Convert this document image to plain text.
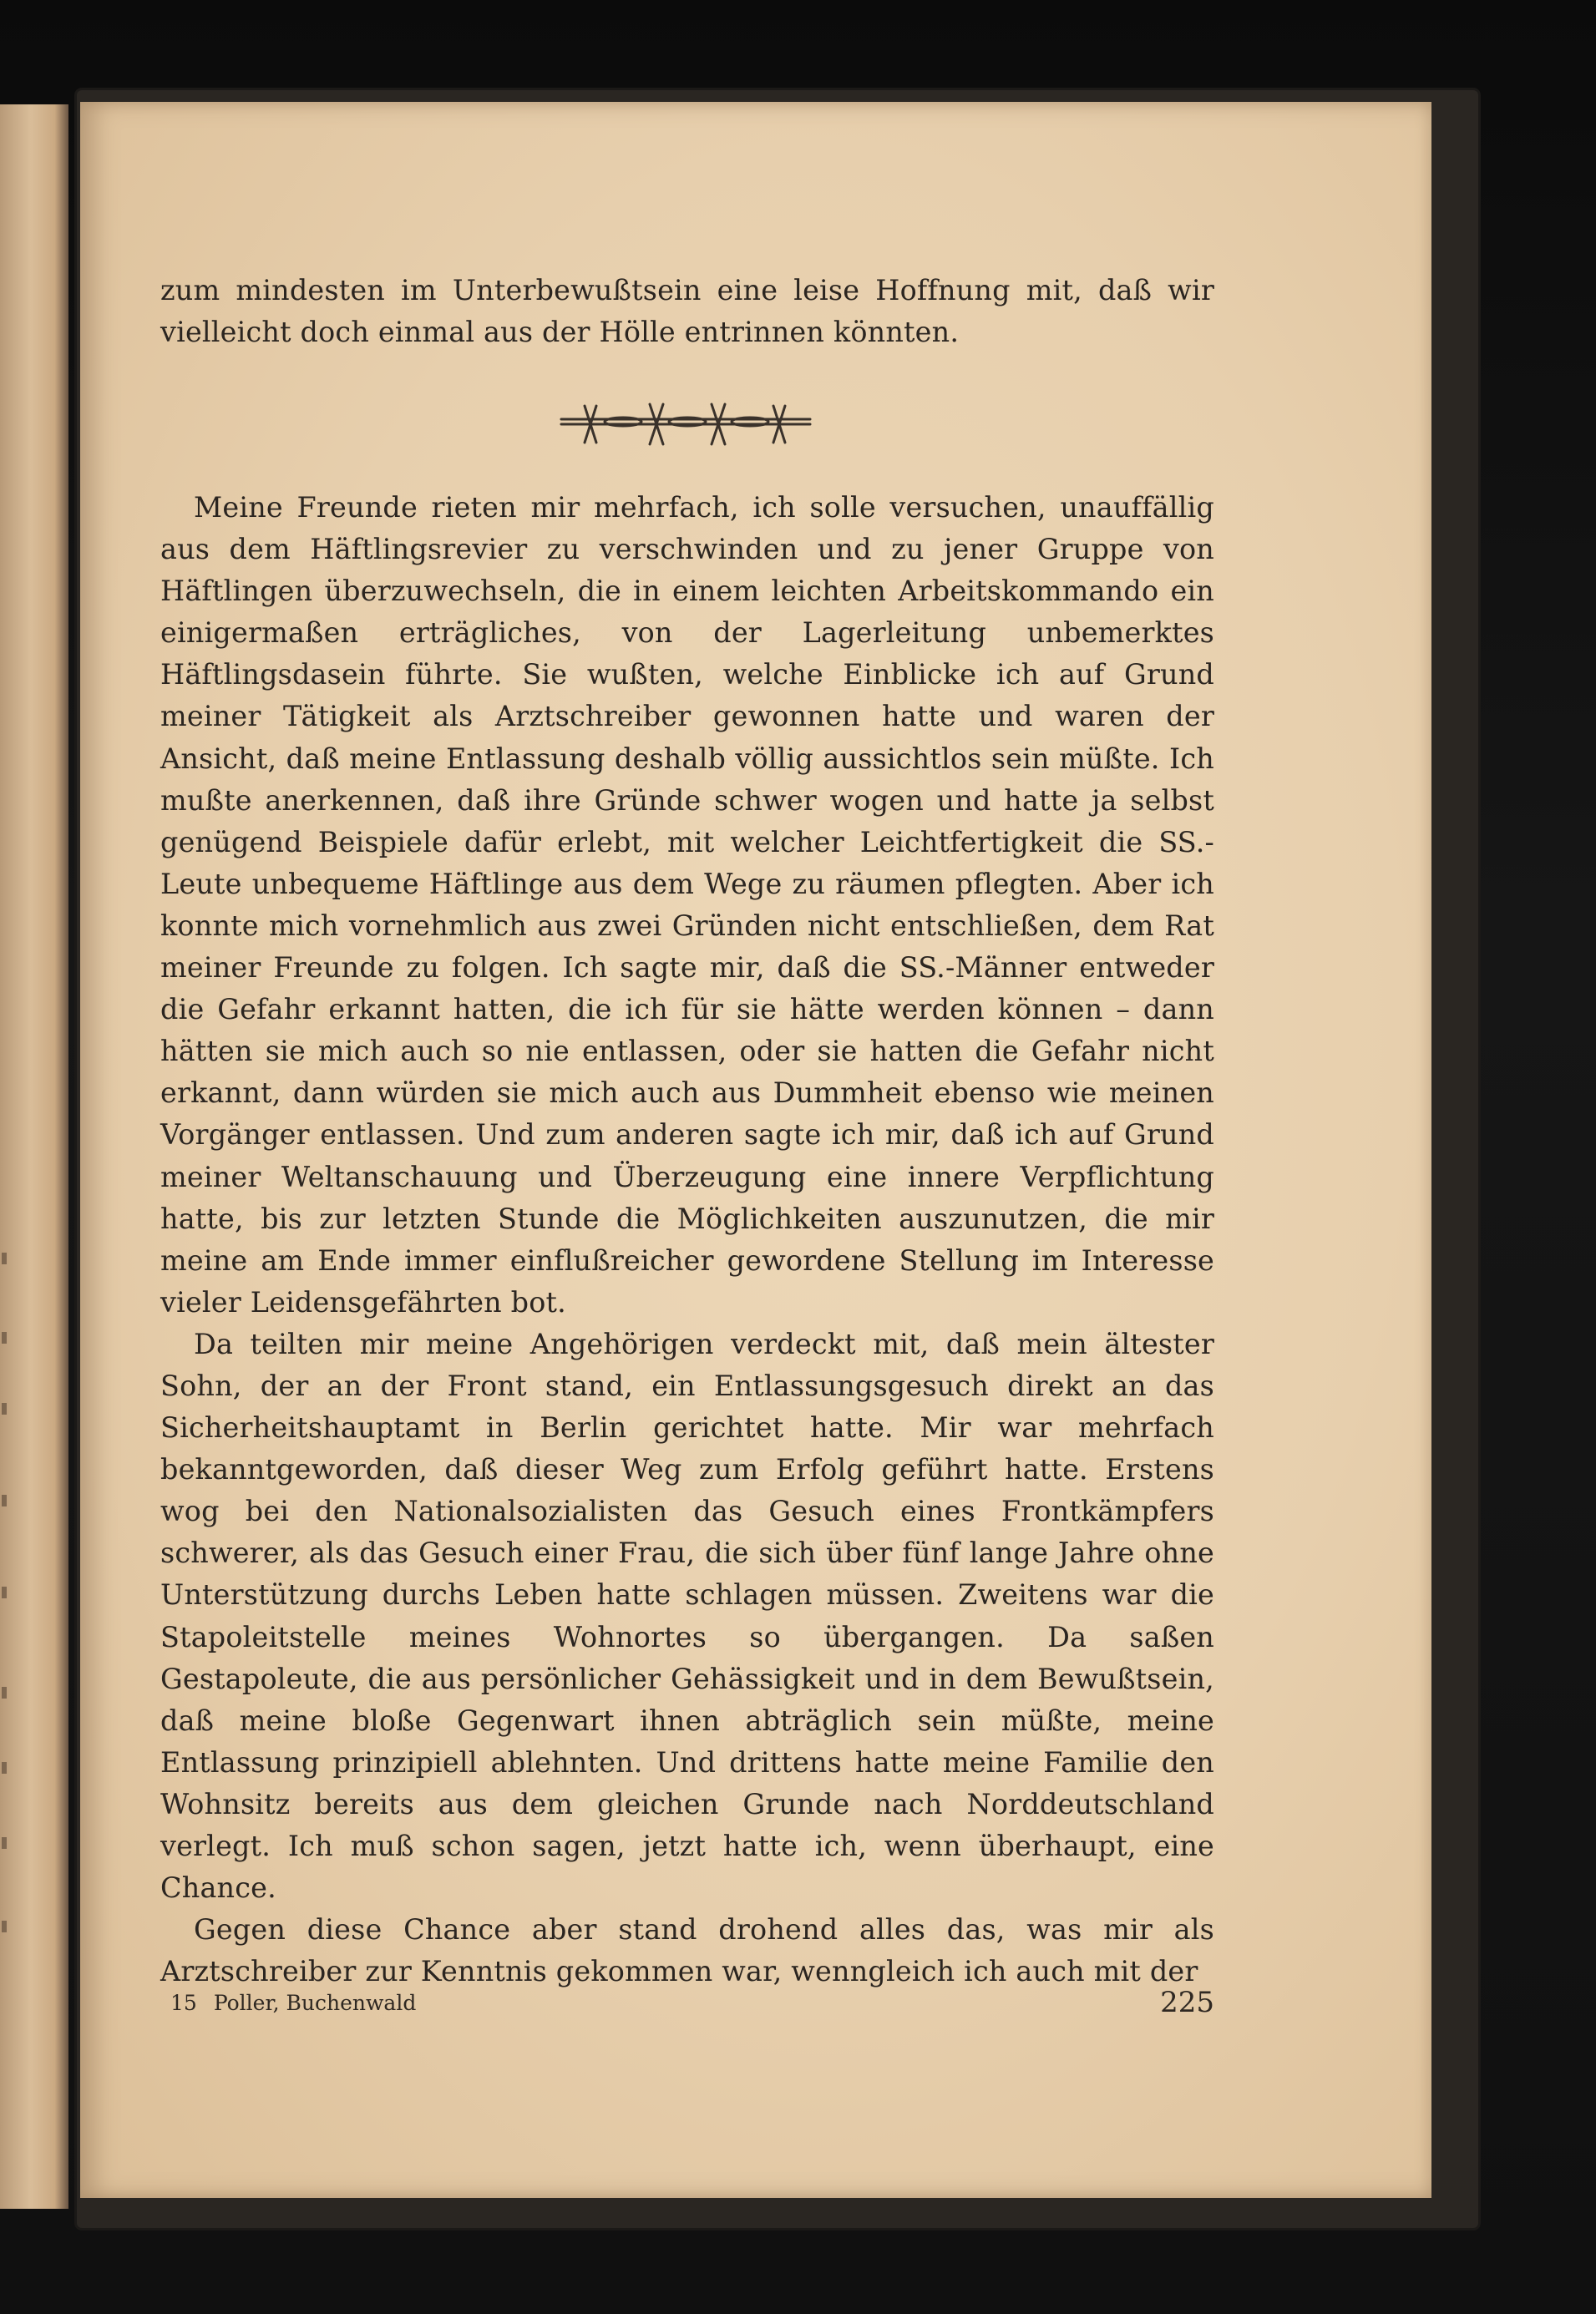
zum mindesten im Unterbewußtsein eine leise Hoffnung mit, daß wir vielleicht doch einmal aus der Hölle entrinnen könnten.

Meine Freunde rieten mir mehrfach, ich solle versuchen, unauffällig aus dem Häftlingsrevier zu verschwinden und zu jener Gruppe von Häftlingen überzuwechseln, die in einem leichten Arbeitskommando ein einigermaßen erträgliches, von der Lagerleitung unbemerktes Häftlingsdasein führte. Sie wußten, welche Einblicke ich auf Grund meiner Tätigkeit als Arztschreiber gewonnen hatte und waren der Ansicht, daß meine Entlassung deshalb völlig aussichtlos sein müßte. Ich mußte anerkennen, daß ihre Gründe schwer wogen und hatte ja selbst genügend Beispiele dafür erlebt, mit welcher Leichtfertigkeit die SS.-Leute unbequeme Häftlinge aus dem Wege zu räumen pflegten. Aber ich konnte mich vornehmlich aus zwei Gründen nicht entschließen, dem Rat meiner Freunde zu folgen. Ich sagte mir, daß die SS.-Männer entweder die Gefahr erkannt hatten, die ich für sie hätte werden können – dann hätten sie mich auch so nie entlassen, oder sie hatten die Gefahr nicht erkannt, dann würden sie mich auch aus Dummheit ebenso wie meinen Vorgänger entlassen. Und zum anderen sagte ich mir, daß ich auf Grund meiner Weltanschauung und Überzeugung eine innere Verpflichtung hatte, bis zur letzten Stunde die Möglichkeiten auszunutzen, die mir meine am Ende immer einflußreicher gewordene Stellung im Interesse vieler Leidensgefährten bot.

Da teilten mir meine Angehörigen verdeckt mit, daß mein ältester Sohn, der an der Front stand, ein Entlassungsgesuch direkt an das Sicherheitshauptamt in Berlin gerichtet hatte. Mir war mehrfach bekanntgeworden, daß dieser Weg zum Erfolg geführt hatte. Erstens wog bei den Nationalsozialisten das Gesuch eines Frontkämpfers schwerer, als das Gesuch einer Frau, die sich über fünf lange Jahre ohne Unterstützung durchs Leben hatte schlagen müssen. Zweitens war die Stapoleitstelle meines Wohnortes so übergangen. Da saßen Gestapoleute, die aus persönlicher Gehässigkeit und in dem Bewußtsein, daß meine bloße Gegenwart ihnen abträglich sein müßte, meine Entlassung prinzipiell ablehnten. Und drittens hatte meine Familie den Wohnsitz bereits aus dem gleichen Grunde nach Norddeutschland verlegt. Ich muß schon sagen, jetzt hatte ich, wenn überhaupt, eine Chance.

Gegen diese Chance aber stand drohend alles das, was mir als Arztschreiber zur Kenntnis gekommen war, wenngleich ich auch mit der

15 Poller, Buchenwald	225
